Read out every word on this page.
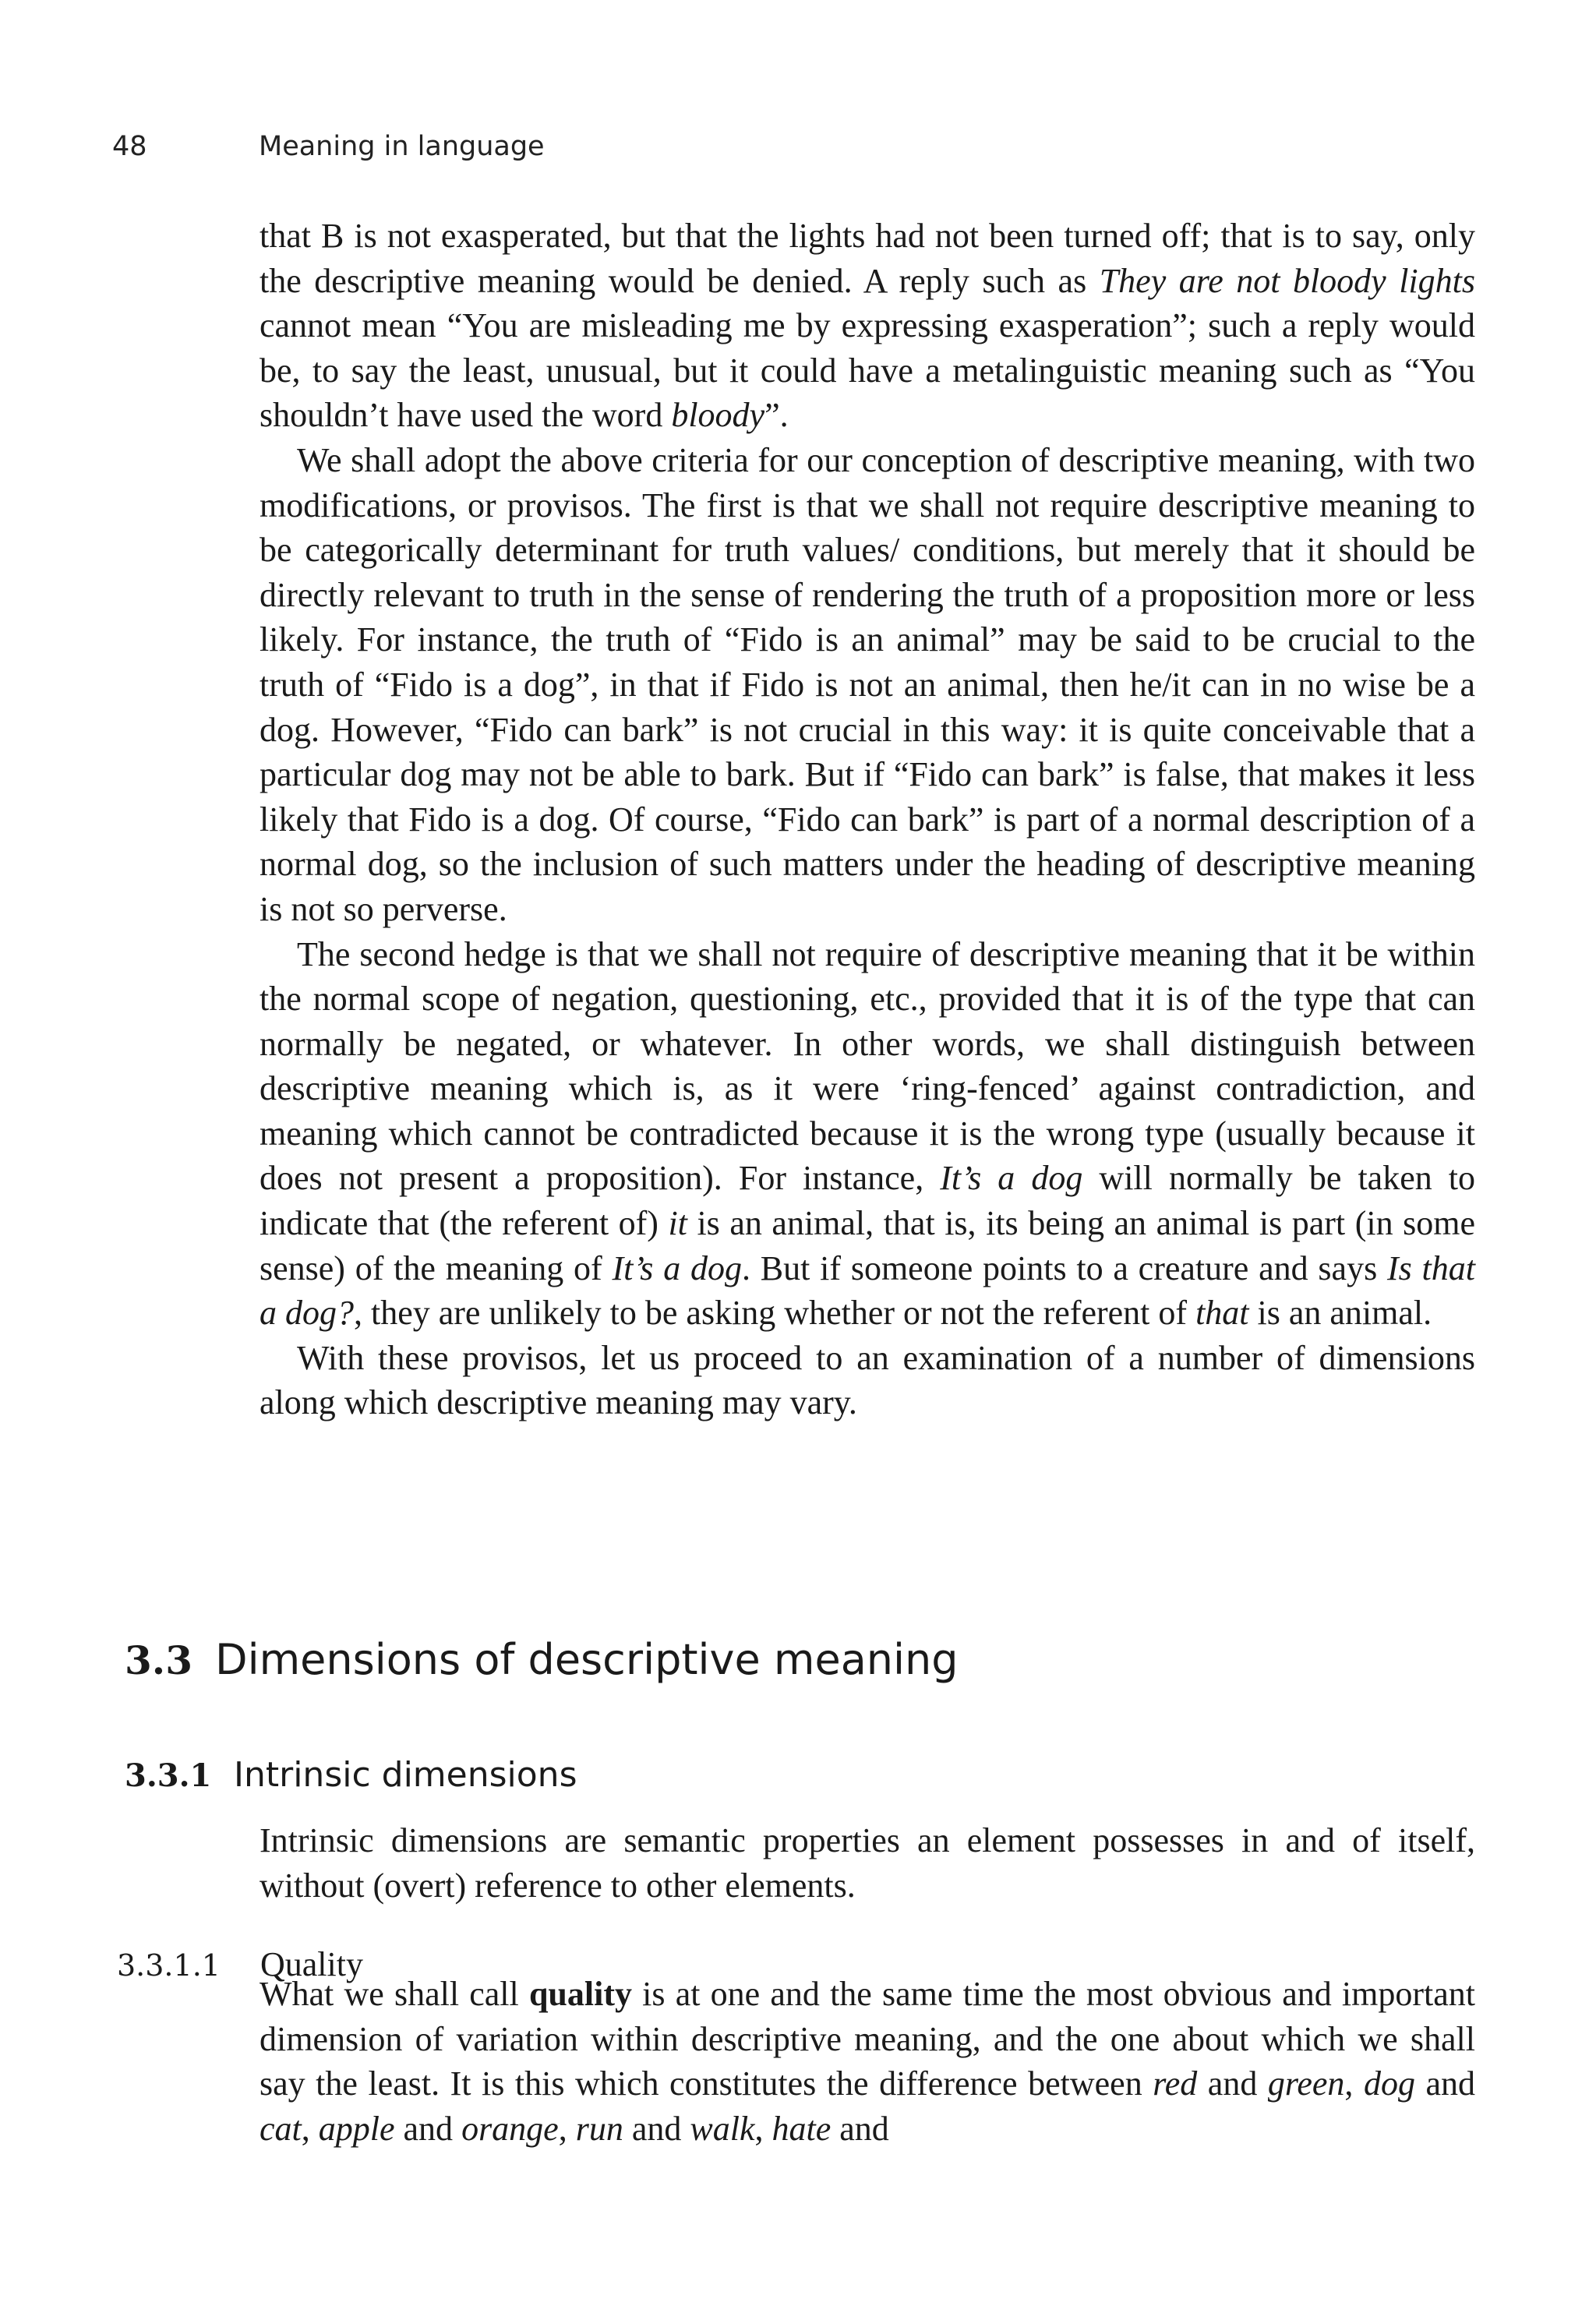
48	Meaning in language

that B is not exasperated, but that the lights had not been turned off; that is to say, only the descriptive meaning would be denied. A reply such as They are not bloody lights cannot mean “You are misleading me by expressing exasperation”; such a reply would be, to say the least, unusual, but it could have a metalinguistic meaning such as “You shouldn’t have used the word bloody”.

We shall adopt the above criteria for our conception of descriptive meaning, with two modifications, or provisos. The first is that we shall not require descriptive meaning to be categorically determinant for truth values/ conditions, but merely that it should be directly relevant to truth in the sense of rendering the truth of a proposition more or less likely. For instance, the truth of “Fido is an animal” may be said to be crucial to the truth of “Fido is a dog”, in that if Fido is not an animal, then he/it can in no wise be a dog. However, “Fido can bark” is not crucial in this way: it is quite conceivable that a particular dog may not be able to bark. But if “Fido can bark” is false, that makes it less likely that Fido is a dog. Of course, “Fido can bark” is part of a normal description of a normal dog, so the inclusion of such matters under the heading of descriptive meaning is not so perverse.

The second hedge is that we shall not require of descriptive meaning that it be within the normal scope of negation, questioning, etc., provided that it is of the type that can normally be negated, or whatever. In other words, we shall distinguish between descriptive meaning which is, as it were ‘ring-fenced’ against contradiction, and meaning which cannot be contradicted because it is the wrong type (usually because it does not present a proposition). For instance, It’s a dog will normally be taken to indicate that (the referent of) it is an animal, that is, its being an animal is part (in some sense) of the meaning of It’s a dog. But if someone points to a creature and says Is that a dog?, they are unlikely to be asking whether or not the referent of that is an animal.

With these provisos, let us proceed to an examination of a number of dimensions along which descriptive meaning may vary.

3.3 Dimensions of descriptive meaning
3.3.1 Intrinsic dimensions

Intrinsic dimensions are semantic properties an element possesses in and of itself, without (overt) reference to other elements.

3.3.1.1 Quality

What we shall call quality is at one and the same time the most obvious and important dimension of variation within descriptive meaning, and the one about which we shall say the least. It is this which constitutes the difference between red and green, dog and cat, apple and orange, run and walk, hate and
